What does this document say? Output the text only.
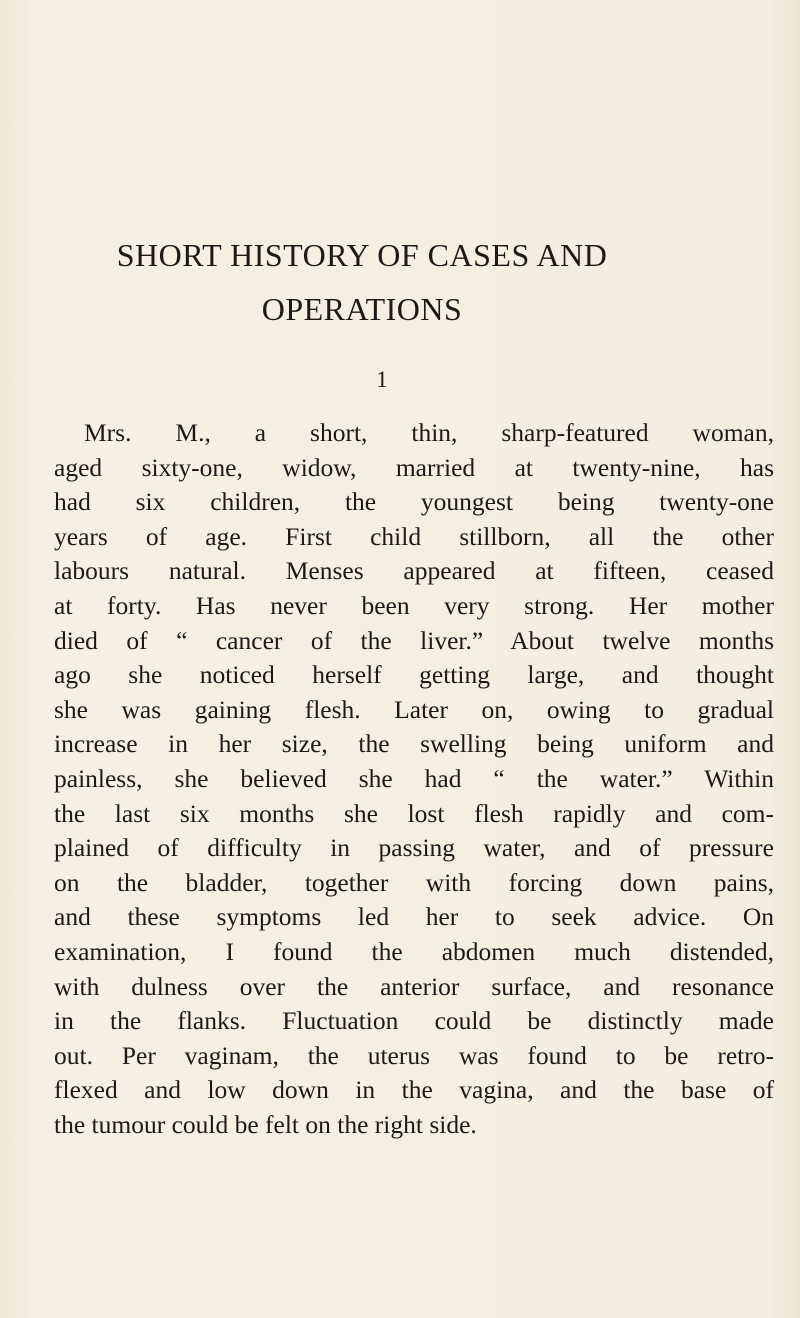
SHORT HISTORY OF CASES AND
OPERATIONS
1

Mrs. M., a short, thin, sharp-featured woman,
aged sixty-one, widow, married at twenty-nine, has
had six children, the youngest being twenty-one
years of age. First child stillborn, all the other
labours natural. Menses appeared at fifteen, ceased
at forty. Has never been very strong. Her mother
died of “ cancer of the liver.” About twelve months
ago she noticed herself getting large, and thought
she was gaining flesh. Later on, owing to gradual
increase in her size, the swelling being uniform and
painless, she believed she had “ the water.” Within
the last six months she lost flesh rapidly and com-
plained of difficulty in passing water, and of pressure
on the bladder, together with forcing down pains,
and these symptoms led her to seek advice. On
examination, I found the abdomen much distended,
with dulness over the anterior surface, and resonance
in the flanks. Fluctuation could be distinctly made
out. Per vaginam, the uterus was found to be retro-
flexed and low down in the vagina, and the base of
the tumour could be felt on the right side.
